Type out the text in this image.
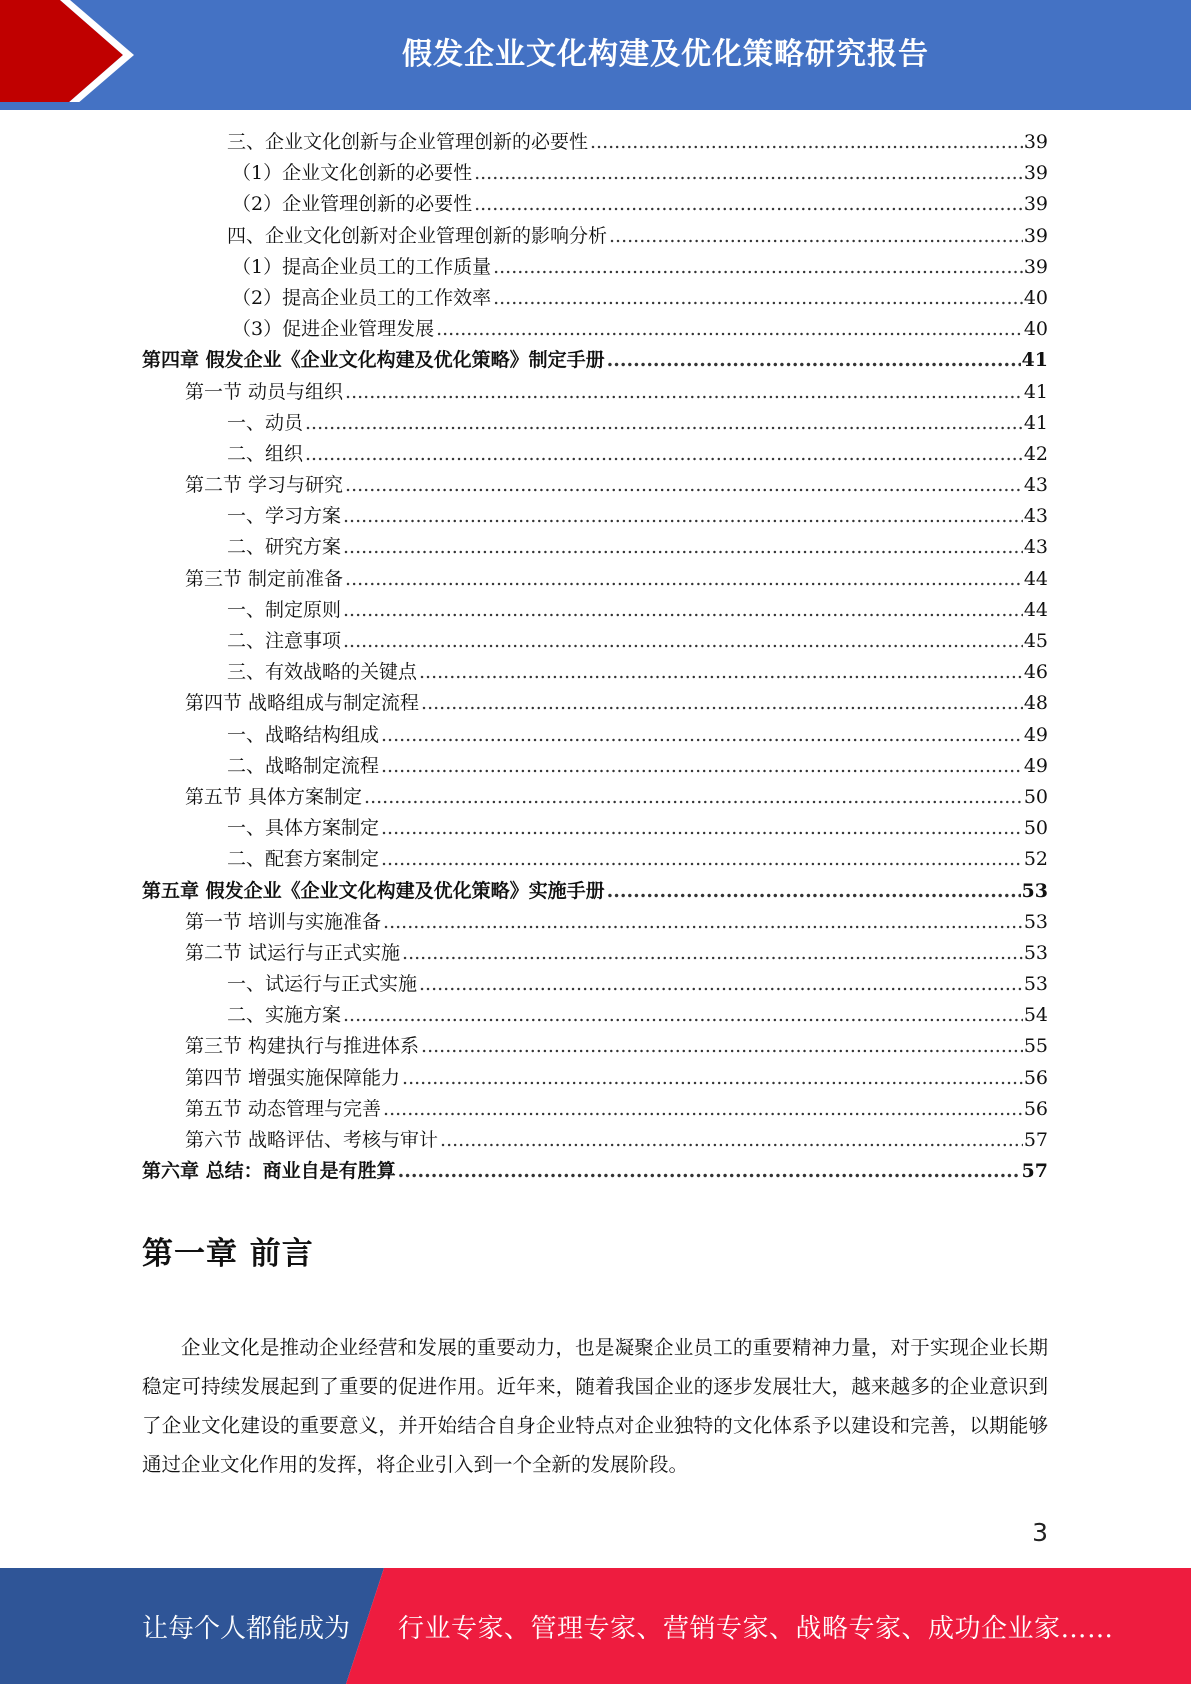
假发企业文化构建及优化策略研究报告
三、企业文化创新与企业管理创新的必要性 .....	39
（1）企业文化创新的必要性 .....	39
（2）企业管理创新的必要性 .....	39
四、企业文化创新对企业管理创新的影响分析 .....	39
（1）提高企业员工的工作质量 .....	39
（2）提高企业员工的工作效率 .....	40
（3）促进企业管理发展 .....	40
第四章 假发企业《企业文化构建及优化策略》制定手册 .....	41
第一节 动员与组织 .....	41
一、动员 .....	41
二、组织 .....	42
第二节 学习与研究 .....	43
一、学习方案 .....	43
二、研究方案 .....	43
第三节 制定前准备 .....	44
一、制定原则 .....	44
二、注意事项 .....	45
三、有效战略的关键点 .....	46
第四节 战略组成与制定流程 .....	48
一、战略结构组成 .....	49
二、战略制定流程 .....	49
第五节 具体方案制定 .....	50
一、具体方案制定 .....	50
二、配套方案制定 .....	52
第五章 假发企业《企业文化构建及优化策略》实施手册 .....	53
第一节 培训与实施准备 .....	53
第二节 试运行与正式实施 .....	53
一、试运行与正式实施 .....	53
二、实施方案 .....	54
第三节 构建执行与推进体系 .....	55
第四节 增强实施保障能力 .....	56
第五节 动态管理与完善 .....	56
第六节 战略评估、考核与审计 .....	57
第六章 总结：商业自是有胜算 .....	57
第一章 前言

企业文化是推动企业经营和发展的重要动力，也是凝聚企业员工的重要精神力量，对于实现企业长期稳定可持续发展起到了重要的促进作用。近年来，随着我国企业的逐步发展壮大，越来越多的企业意识到了企业文化建设的重要意义，并开始结合自身企业特点对企业独特的文化体系予以建设和完善，以期能够通过企业文化作用的发挥，将企业引入到一个全新的发展阶段。

3
让每个人都能成为 行业专家、管理专家、营销专家、战略专家、成功企业家……
